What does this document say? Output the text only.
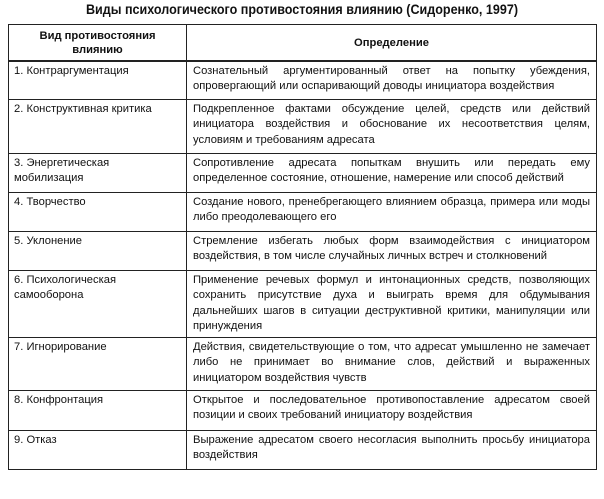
Виды психологического противостояния влиянию (Сидоренко, 1997)
Вид противостояния влиянию	Определение
1. Контраргументация	Сознательный аргументированный ответ на попытку убеждения, опровергающий или оспаривающий доводы инициатора воздействия
2. Конструктивная критика	Подкрепленное фактами обсуждение целей, средств или действий инициатора воздействия и обоснование их несоответствия целям, условиям и требованиям адресата
3. Энергетическая мобилизация	Сопротивление адресата попыткам внушить или передать ему определенное состояние, отношение, намерение или способ действий
4. Творчество	Создание нового, пренебрегающего влиянием образца, примера или моды либо преодолевающего его
5. Уклонение	Стремление избегать любых форм взаимодействия с инициатором воздействия, в том числе случайных личных встреч и столкновений
6. Психологическая самооборона	Применение речевых формул и интонационных средств, позволяющих сохранить присутствие духа и выиграть время для обдумывания дальнейших шагов в ситуации деструктивной критики, манипуляции или принуждения
7. Игнорирование	Действия, свидетельствующие о том, что адресат умышленно не замечает либо не принимает во внимание слов, действий и выраженных инициатором воздействия чувств
8. Конфронтация	Открытое и последовательное противопоставление адресатом своей позиции и своих требований инициатору воздействия
9. Отказ	Выражение адресатом своего несогласия выполнить просьбу инициатора воздействия
